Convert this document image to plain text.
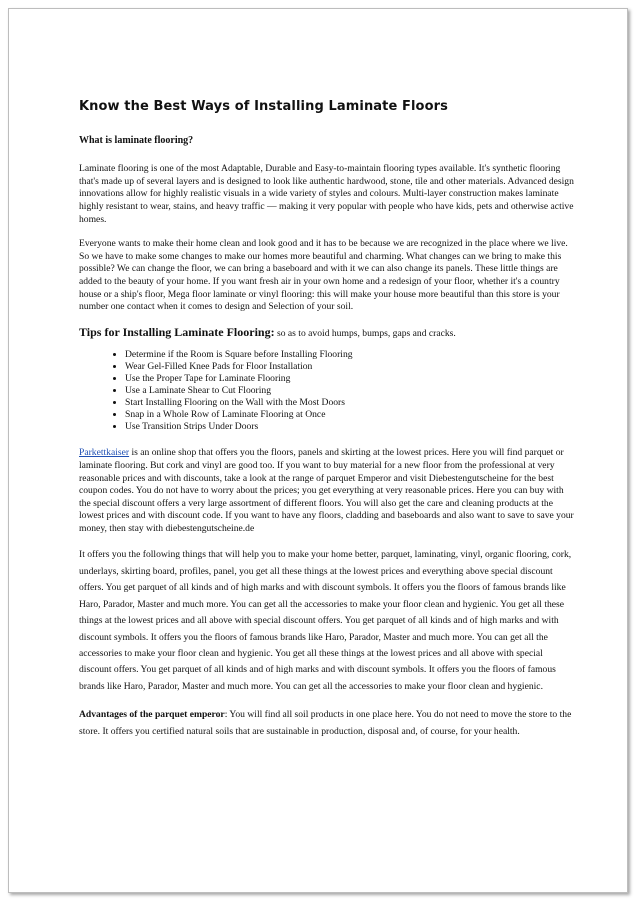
Know the Best Ways of Installing Laminate Floors
What is laminate flooring?

Laminate flooring is one of the most Adaptable, Durable and Easy-to-maintain flooring types available. It's synthetic flooring that's made up of several layers and is designed to look like authentic hardwood, stone, tile and other materials. Advanced design innovations allow for highly realistic visuals in a wide variety of styles and colours. Multi-layer construction makes laminate highly resistant to wear, stains, and heavy traffic — making it very popular with people who have kids, pets and otherwise active homes.

Everyone wants to make their home clean and look good and it has to be because we are recognized in the place where we live. So we have to make some changes to make our homes more beautiful and charming. What changes can we bring to make this possible? We can change the floor, we can bring a baseboard and with it we can also change its panels. These little things are added to the beauty of your home. If you want fresh air in your own home and a redesign of your floor, whether it's a country house or a ship's floor, Mega floor laminate or vinyl flooring: this will make your house more beautiful than this store is your number one contact when it comes to design and Selection of your soil.

Tips for Installing Laminate Flooring: so as to avoid humps, bumps, gaps and cracks.
• Determine if the Room is Square before Installing Flooring
• Wear Gel-Filled Knee Pads for Floor Installation
• Use the Proper Tape for Laminate Flooring
• Use a Laminate Shear to Cut Flooring
• Start Installing Flooring on the Wall with the Most Doors
• Snap in a Whole Row of Laminate Flooring at Once
• Use Transition Strips Under Doors

Parkettkaiser is an online shop that offers you the floors, panels and skirting at the lowest prices. Here you will find parquet or laminate flooring. But cork and vinyl are good too. If you want to buy material for a new floor from the professional at very reasonable prices and with discounts, take a look at the range of parquet Emperor and visit Diebestengutscheine for the best coupon codes. You do not have to worry about the prices; you get everything at very reasonable prices. Here you can buy with the special discount offers a very large assortment of different floors. You will also get the care and cleaning products at the lowest prices and with discount code. If you want to have any floors, cladding and baseboards and also want to save to save your money, then stay with diebestengutscheine.de

It offers you the following things that will help you to make your home better, parquet, laminating, vinyl, organic flooring, cork, underlays, skirting board, profiles, panel, you get all these things at the lowest prices and everything above special discount offers. You get parquet of all kinds and of high marks and with discount symbols. It offers you the floors of famous brands like Haro, Parador, Master and much more. You can get all the accessories to make your floor clean and hygienic. You get all these things at the lowest prices and all above with special discount offers. You get parquet of all kinds and of high marks and with discount symbols. It offers you the floors of famous brands like Haro, Parador, Master and much more. You can get all the accessories to make your floor clean and hygienic. You get all these things at the lowest prices and all above with special discount offers. You get parquet of all kinds and of high marks and with discount symbols. It offers you the floors of famous brands like Haro, Parador, Master and much more. You can get all the accessories to make your floor clean and hygienic.

Advantages of the parquet emperor: You will find all soil products in one place here. You do not need to move the store to the store. It offers you certified natural soils that are sustainable in production, disposal and, of course, for your health.
